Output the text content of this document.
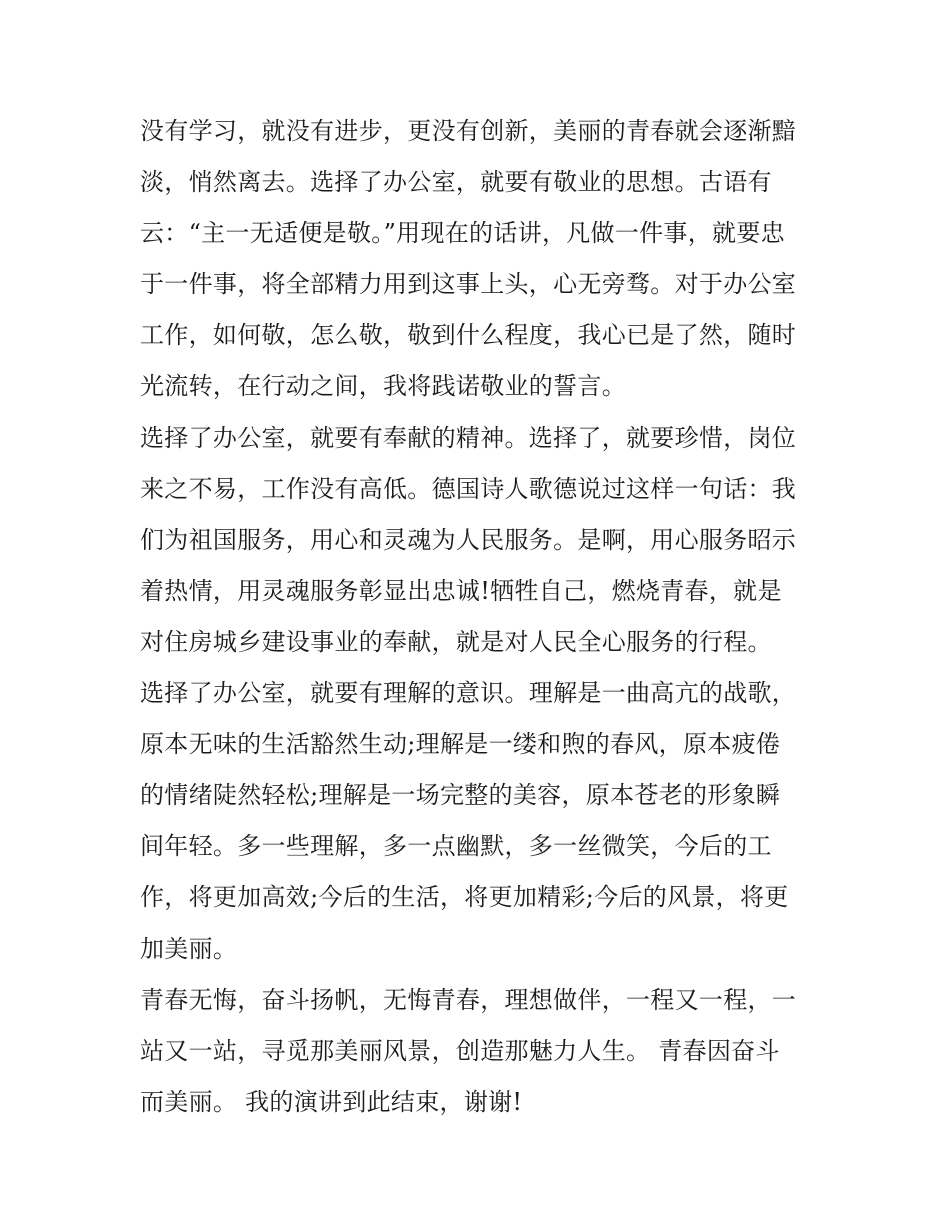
没有学习，就没有进步，更没有创新，美丽的青春就会逐渐黯
淡，悄然离去。选择了办公室，就要有敬业的思想。古语有
云：“主一无适便是敬。”用现在的话讲，凡做一件事，就要忠
于一件事，将全部精力用到这事上头，心无旁骛。对于办公室
工作，如何敬，怎么敬，敬到什么程度，我心已是了然，随时
光流转，在行动之间，我将践诺敬业的誓言。
选择了办公室，就要有奉献的精神。选择了，就要珍惜，岗位
来之不易，工作没有高低。德国诗人歌德说过这样一句话：我
们为祖国服务，用心和灵魂为人民服务。是啊，用心服务昭示
着热情，用灵魂服务彰显出忠诚!牺牲自己，燃烧青春，就是
对住房城乡建设事业的奉献，就是对人民全心服务的行程。
选择了办公室，就要有理解的意识。理解是一曲高亢的战歌，
原本无味的生活豁然生动;理解是一缕和煦的春风，原本疲倦
的情绪陡然轻松;理解是一场完整的美容，原本苍老的形象瞬
间年轻。多一些理解，多一点幽默，多一丝微笑，今后的工
作，将更加高效;今后的生活，将更加精彩;今后的风景，将更
加美丽。
青春无悔，奋斗扬帆，无悔青春，理想做伴，一程又一程，一
站又一站，寻觅那美丽风景，创造那魅力人生。 青春因奋斗
而美丽。 我的演讲到此结束，谢谢!
